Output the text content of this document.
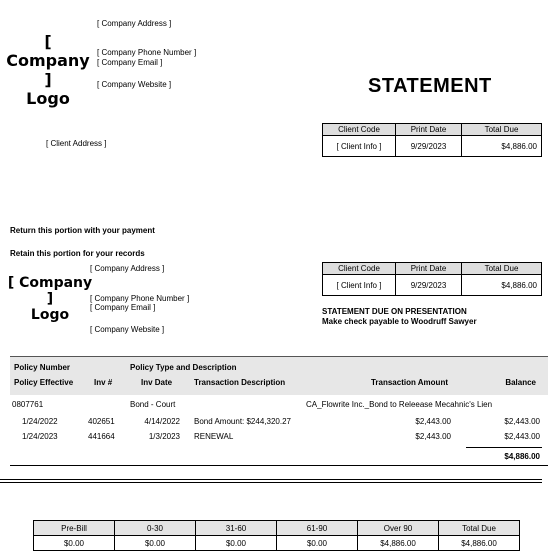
[ Company Address ]
[ Company ]
Logo
[ Company Phone Number ]
[ Company Email ]
[ Company Website ]	STATEMENT
[ Client Address ]
Client Code	Print Date	Total Due
[ Client Info ]	9/29/2023	$4,886.00
Return this portion with your payment
Retain this portion for your records
[ Company Address ]
[ Company ]
Logo
[ Company Phone Number ]
[ Company Email ]
[ Company Website ]
Client Code	Print Date	Total Due
[ Client Info ]	9/29/2023	$4,886.00
STATEMENT DUE ON PRESENTATION
Make check payable to Woodruff Sawyer
Policy Number	Policy Type and Description
Policy Effective	Inv #	Inv Date	Transaction Description	Transaction Amount	Balance
0807761	Bond - Court	CA_Flowrite Inc._Bond to Releease Mecahnic's Lien
1/24/2022	402651	4/14/2022 Bond Amount: $244,320.27	$2,443.00	$2,443.00
1/24/2023	441664	1/3/2023 RENEWAL	$2,443.00	$2,443.00
$4,886.00
Pre-Bill	0-30	31-60	61-90	Over 90	Total Due
$0.00	$0.00	$0.00	$0.00	$4,886.00	$4,886.00
